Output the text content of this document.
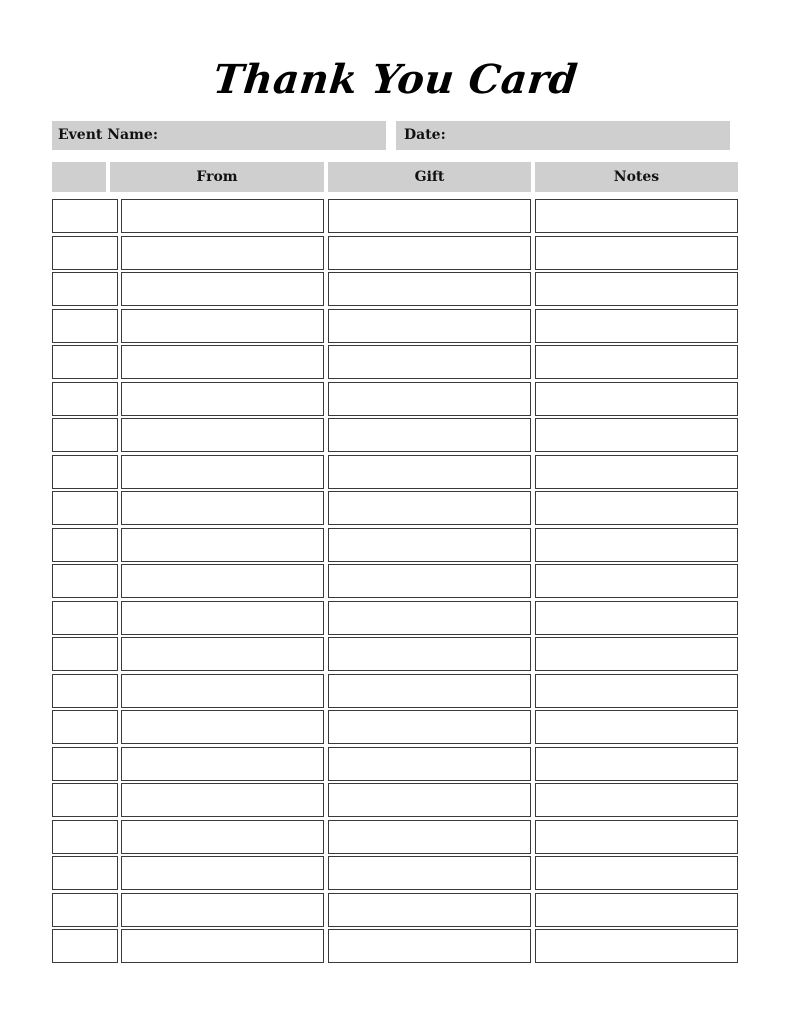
Thank You Card
Event Name:	Date:
From	Gift	Notes
